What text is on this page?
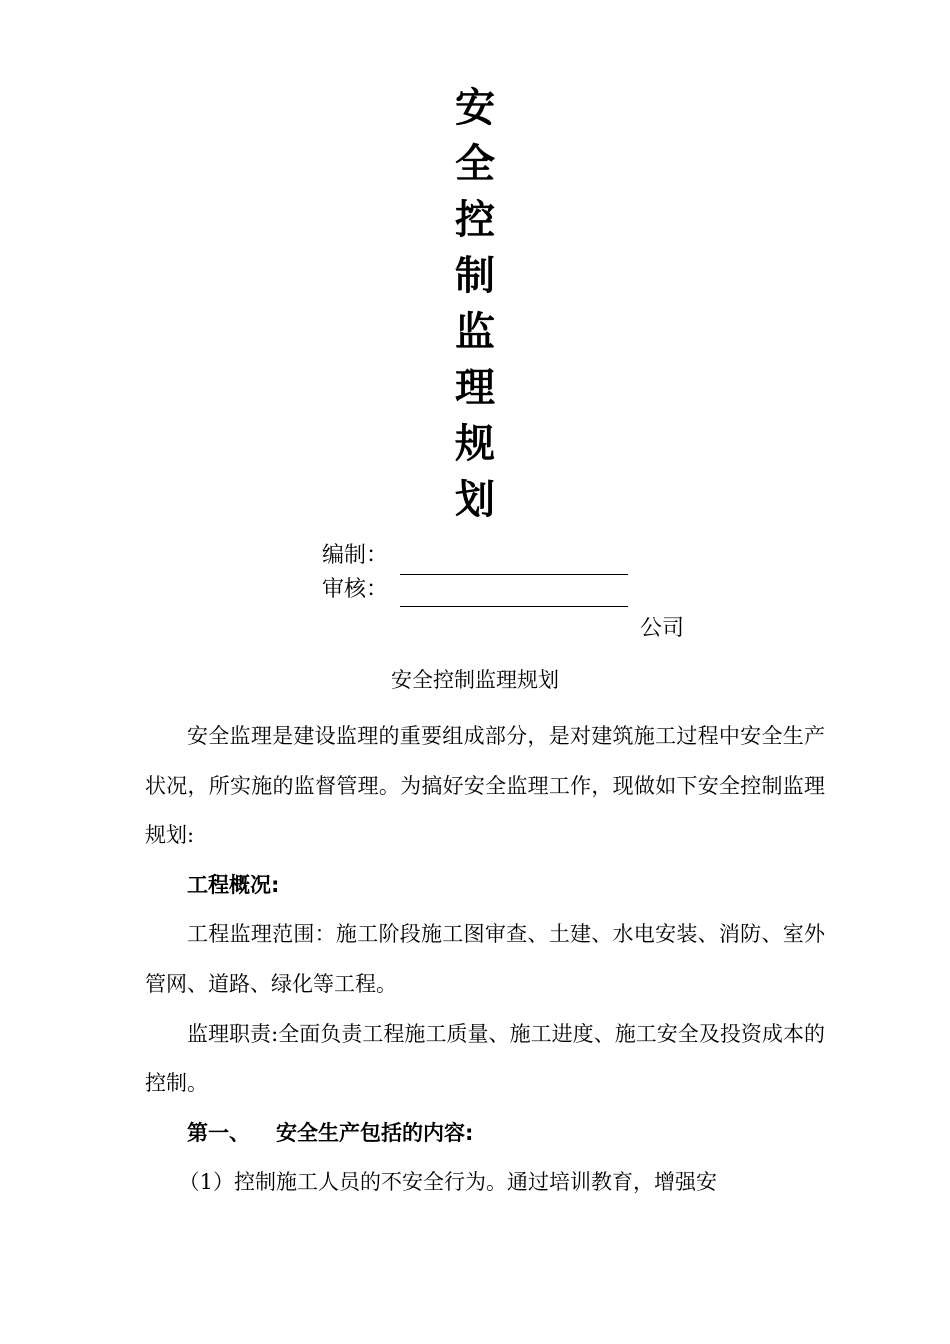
安
全
控
制
监
理
规
划
编制：
审核：
公司
安全控制监理规划

安全监理是建设监理的重要组成部分，是对建筑施工过程中安全生产状况，所实施的监督管理。为搞好安全监理工作，现做如下安全控制监理规划:

工程概况:

工程监理范围：施工阶段施工图审查、土建、水电安装、消防、室外管网、道路、绿化等工程。

监理职责:全面负责工程施工质量、施工进度、施工安全及投资成本的控制。

第一、 安全生产包括的内容:

（1）控制施工人员的不安全行为。通过培训教育，增强安
